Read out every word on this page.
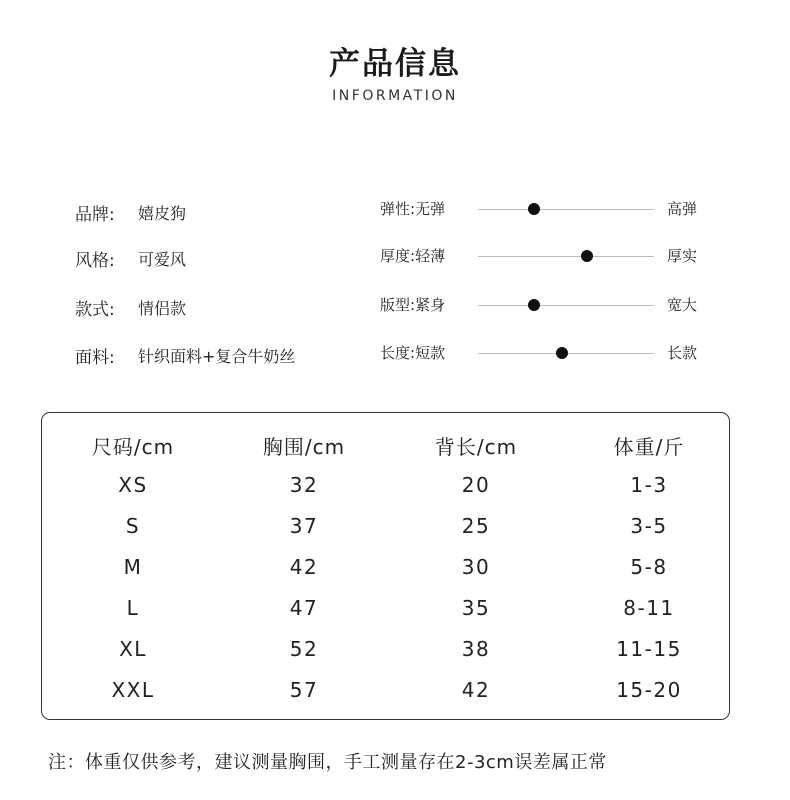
产品信息
INFORMATION
品牌: 嬉皮狗
风格: 可爱风
款式: 情侣款
面料: 针织面料+复合牛奶丝
弹性:无弹	高弹
厚度:轻薄	厚实
版型:紧身	宽大
长度:短款	长款
尺码/cm	胸围/cm	背长/cm	体重/斤
XS	32	20	1-3
S	37	25	3-5
M	42	30	5-8
L	47	35	8-11
XL	52	38	11-15
XXL	57	42	15-20
注：体重仅供参考，建议测量胸围，手工测量存在2-3cm误差属正常
